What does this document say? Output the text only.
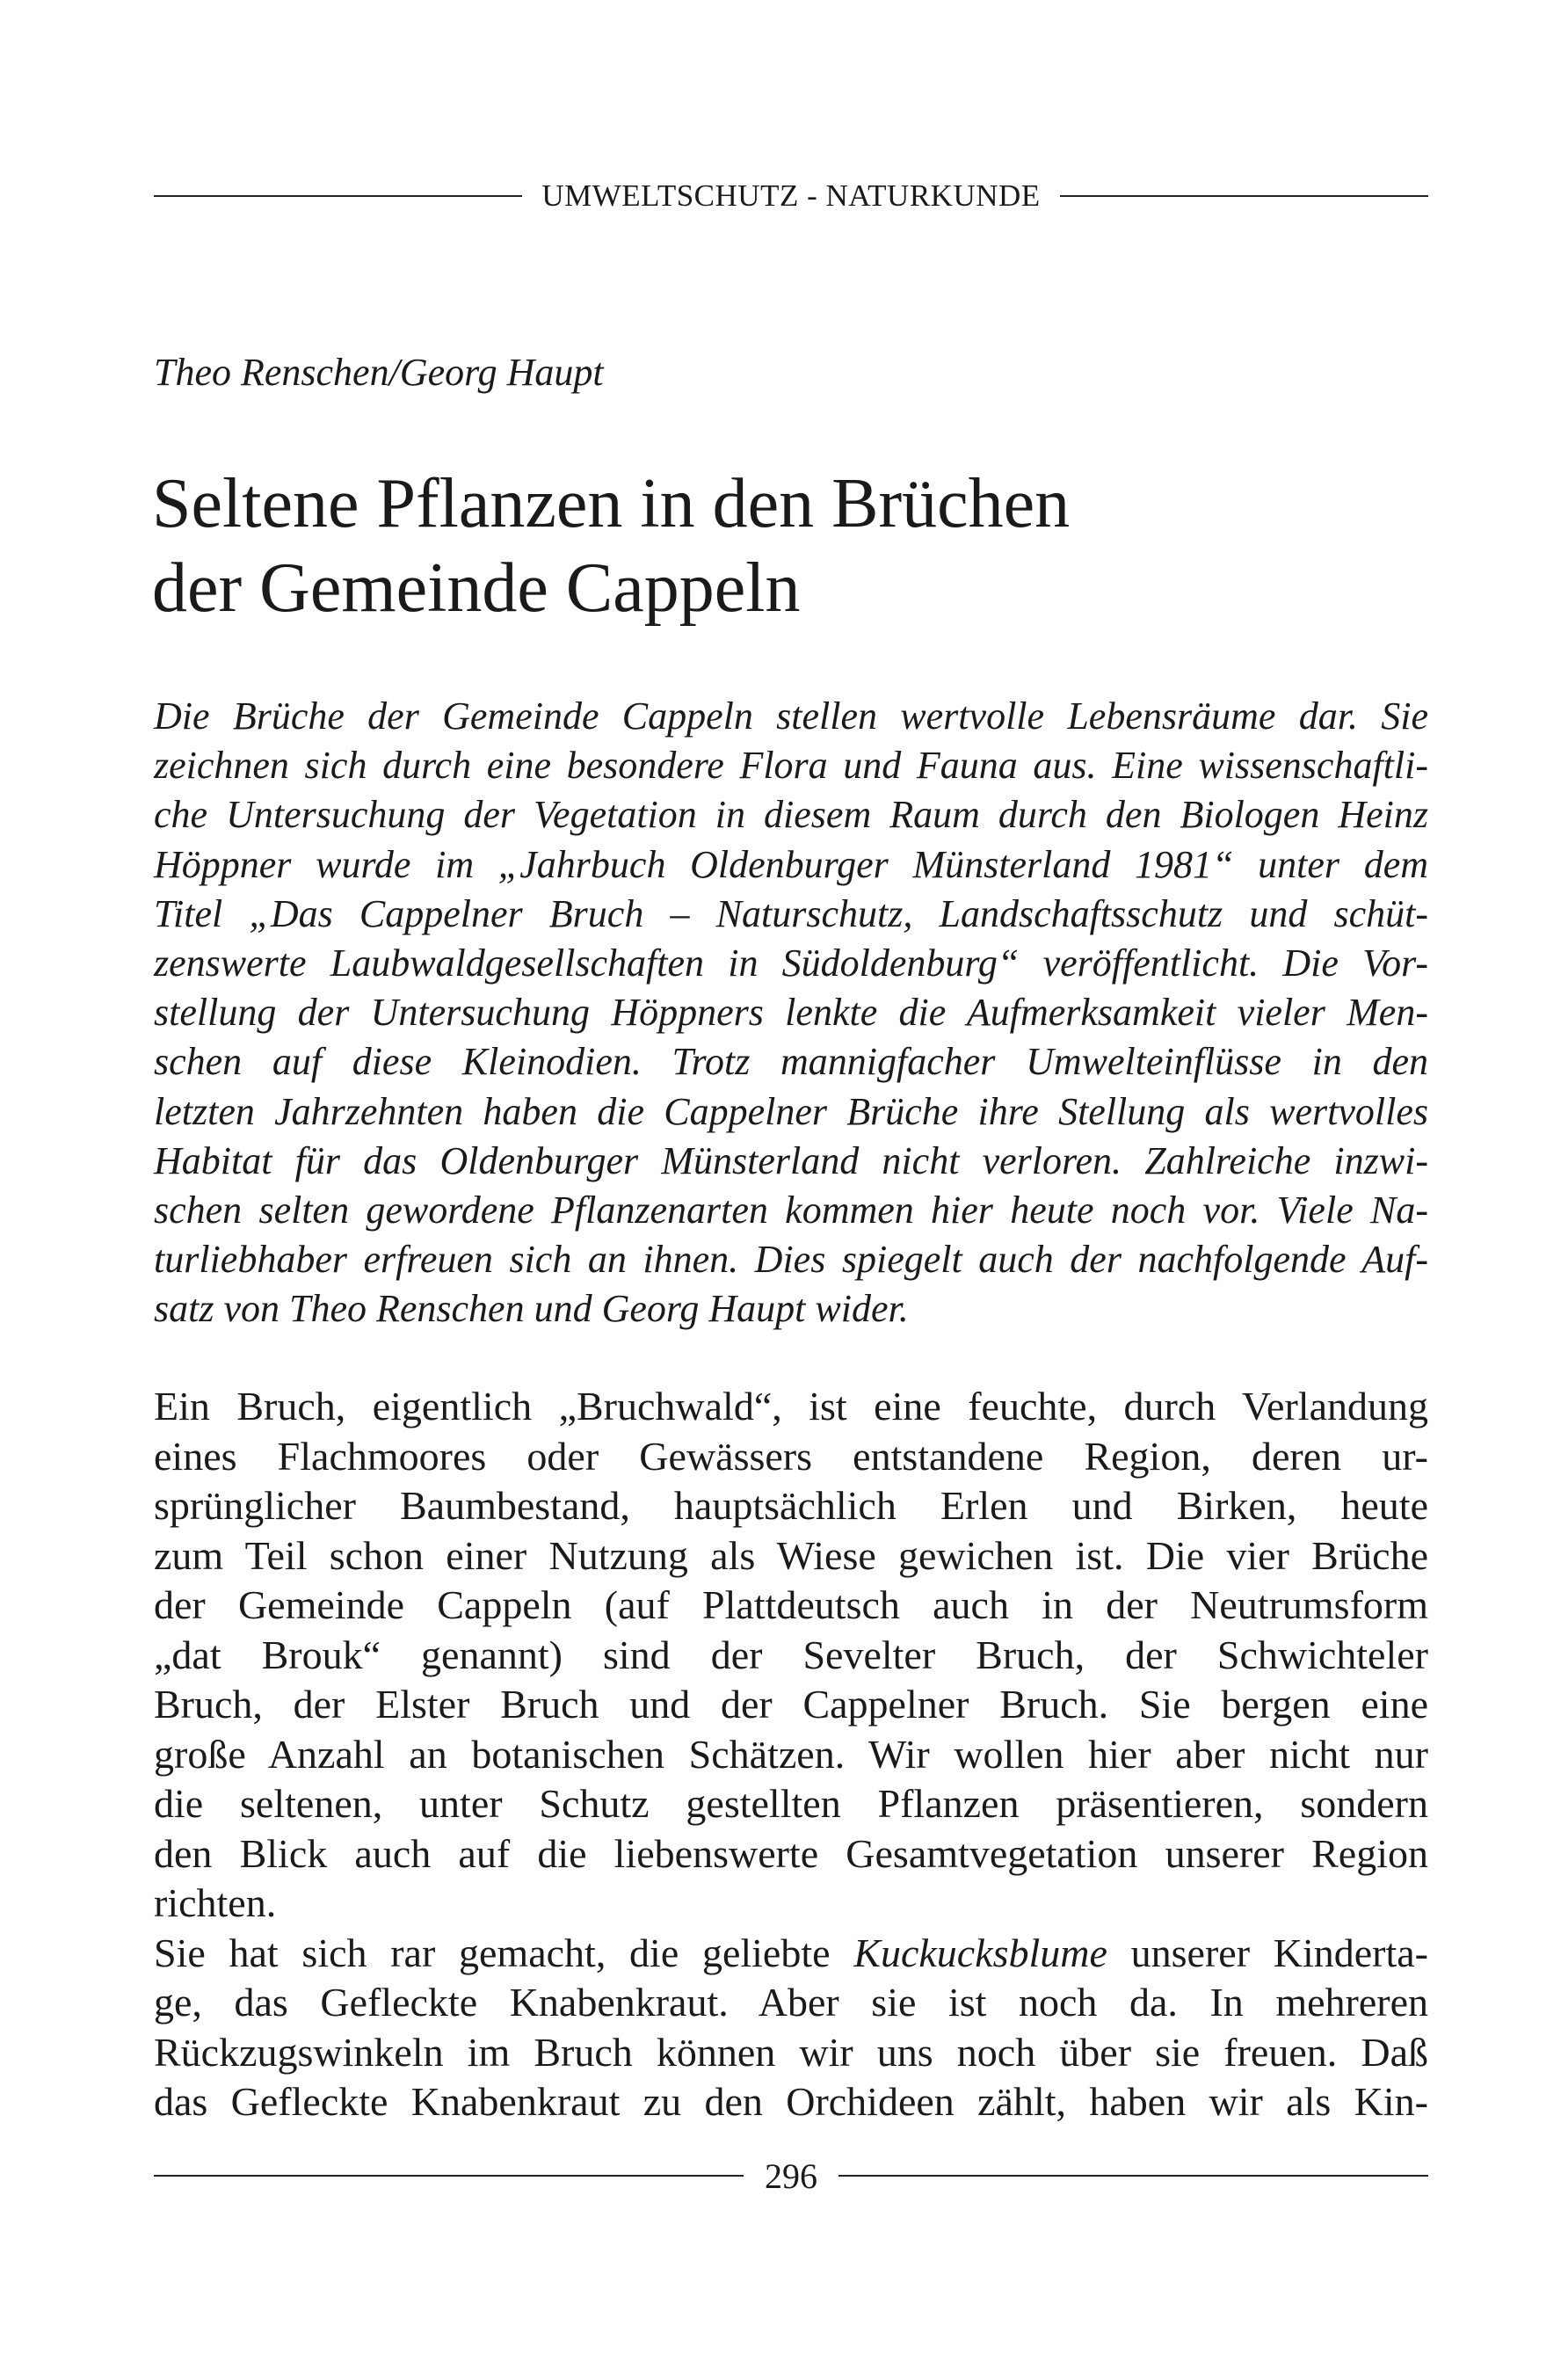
UMWELTSCHUTZ - NATURKUNDE
Theo Renschen/Georg Haupt
Seltene Pflanzen in den Brüchen
der Gemeinde Cappeln
Die Brüche der Gemeinde Cappeln stellen wertvolle Lebensräume dar. Sie
zeichnen sich durch eine besondere Flora und Fauna aus. Eine wissenschaftli-
che Untersuchung der Vegetation in diesem Raum durch den Biologen Heinz
Höppner wurde im „Jahrbuch Oldenburger Münsterland 1981“ unter dem
Titel „Das Cappelner Bruch – Naturschutz, Landschaftsschutz und schüt-
zenswerte Laubwaldgesellschaften in Südoldenburg“ veröffentlicht. Die Vor-
stellung der Untersuchung Höppners lenkte die Aufmerksamkeit vieler Men-
schen auf diese Kleinodien. Trotz mannigfacher Umwelteinflüsse in den
letzten Jahrzehnten haben die Cappelner Brüche ihre Stellung als wertvolles
Habitat für das Oldenburger Münsterland nicht verloren. Zahlreiche inzwi-
schen selten gewordene Pflanzenarten kommen hier heute noch vor. Viele Na-
turliebhaber erfreuen sich an ihnen. Dies spiegelt auch der nachfolgende Auf-
satz von Theo Renschen und Georg Haupt wider.
Ein Bruch, eigentlich „Bruchwald“, ist eine feuchte, durch Verlandung
eines Flachmoores oder Gewässers entstandene Region, deren ur-
sprünglicher Baumbestand, hauptsächlich Erlen und Birken, heute
zum Teil schon einer Nutzung als Wiese gewichen ist. Die vier Brüche
der Gemeinde Cappeln (auf Plattdeutsch auch in der Neutrumsform
„dat Brouk“ genannt) sind der Sevelter Bruch, der Schwichteler
Bruch, der Elster Bruch und der Cappelner Bruch. Sie bergen eine
große Anzahl an botanischen Schätzen. Wir wollen hier aber nicht nur
die seltenen, unter Schutz gestellten Pflanzen präsentieren, sondern
den Blick auch auf die liebenswerte Gesamtvegetation unserer Region
richten.
Sie hat sich rar gemacht, die geliebte Kuckucksblume unserer Kinderta-
ge, das Gefleckte Knabenkraut. Aber sie ist noch da. In mehreren
Rückzugswinkeln im Bruch können wir uns noch über sie freuen. Daß
das Gefleckte Knabenkraut zu den Orchideen zählt, haben wir als Kin-
296
